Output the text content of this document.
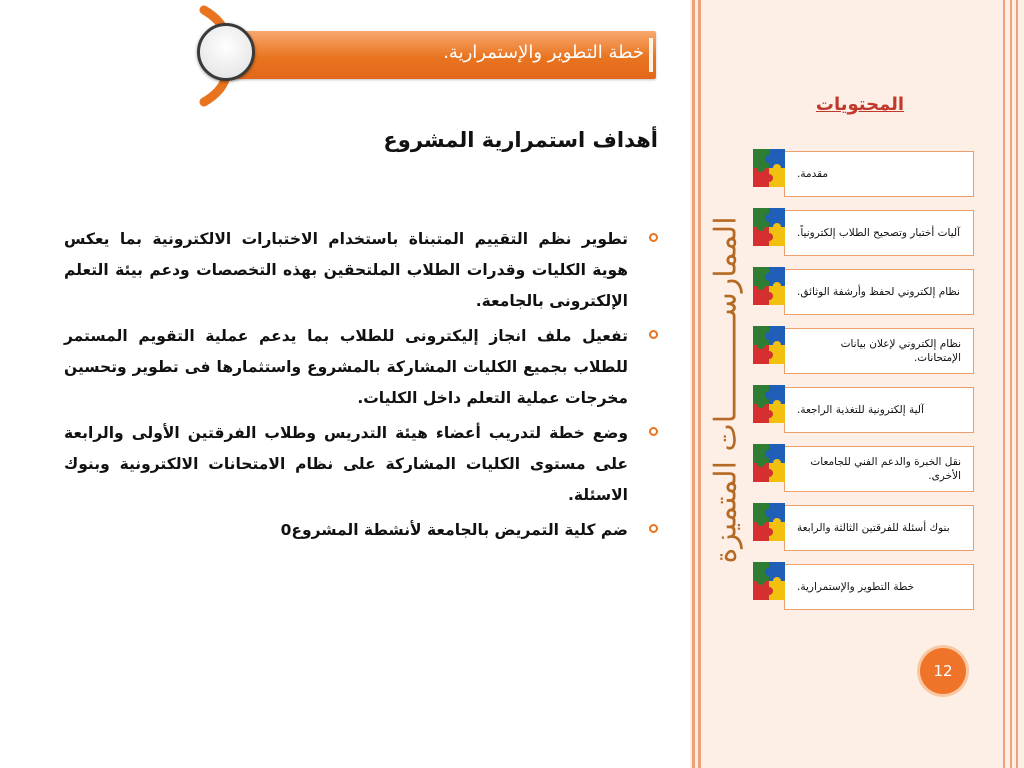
خطة التطوير والإستمرارية.
أهداف استمرارية المشروع
تطوير نظم التقييم المتبناة باستخدام الاختبارات الالكترونية بما يعكس هوية الكليات وقدرات الطلاب الملتحقين بهذه التخصصات ودعم بيئة التعلم الإلكترونى بالجامعة.
تفعيل ملف انجاز إليكترونى للطلاب بما يدعم عملية التقويم المستمر للطلاب بجميع الكليات المشاركة بالمشروع واستثمارها فى تطوير وتحسين مخرجات عملية التعلم داخل الكليات.
وضع خطة لتدريب أعضاء هيئة التدريس وطلاب الفرقتين الأولى والرابعة على مستوى الكليات المشاركة على نظام الامتحانات الالكترونية وبنوك الاسئلة.
ضم كلية التمريض بالجامعة لأنشطة المشروع0	الممارســـــــــــات المتميزة
المحتويات
مقدمة.
آليات أختبار وتصحيح الطلاب إلكترونياً.
نظام إلكتروني لحفظ وأرشفة الوثائق.
نظام إلكتروني لإعلان بيانات الإمتحانات.
آلية إلكترونية للتغذية الراجعة.
نقل الخبرة والدعم الفني للجامعات الأخرى.
بنوك أسئلة للفرقتين الثالثة والرابعة
خطة التطوير والإستمرارية.
12
